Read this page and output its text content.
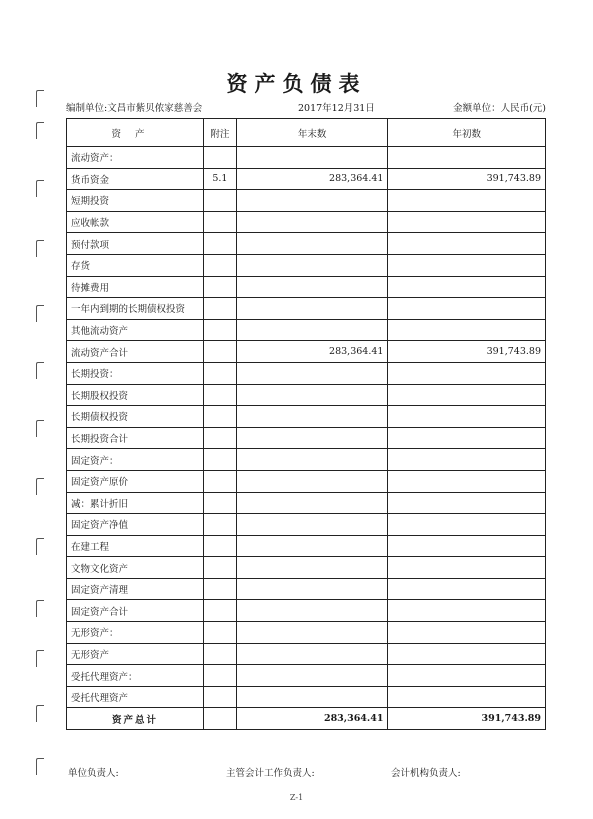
资产负债表
编制单位:文昌市紫贝侬家慈善会	2017年12月31日	金额单位：人民币(元)
资产	附注	年末数	年初数
流动资产：			
货币资金	5.1	283,364.41	391,743.89
短期投资			
应收帐款			
预付款项			
存货			
待摊费用			
一年内到期的长期债权投资			
其他流动资产			
流动资产合计		283,364.41	391,743.89
长期投资：			
长期股权投资			
长期债权投资			
长期投资合计			
固定资产：			
固定资产原价			
减：累计折旧			
固定资产净值			
在建工程			
文物文化资产			
固定资产清理			
固定资产合计			
无形资产：			
无形资产			
受托代理资产：			
受托代理资产			
资产总计		283,364.41	391,743.89
单位负责人:	主管会计工作负责人:	会计机构负责人:
Z-1
